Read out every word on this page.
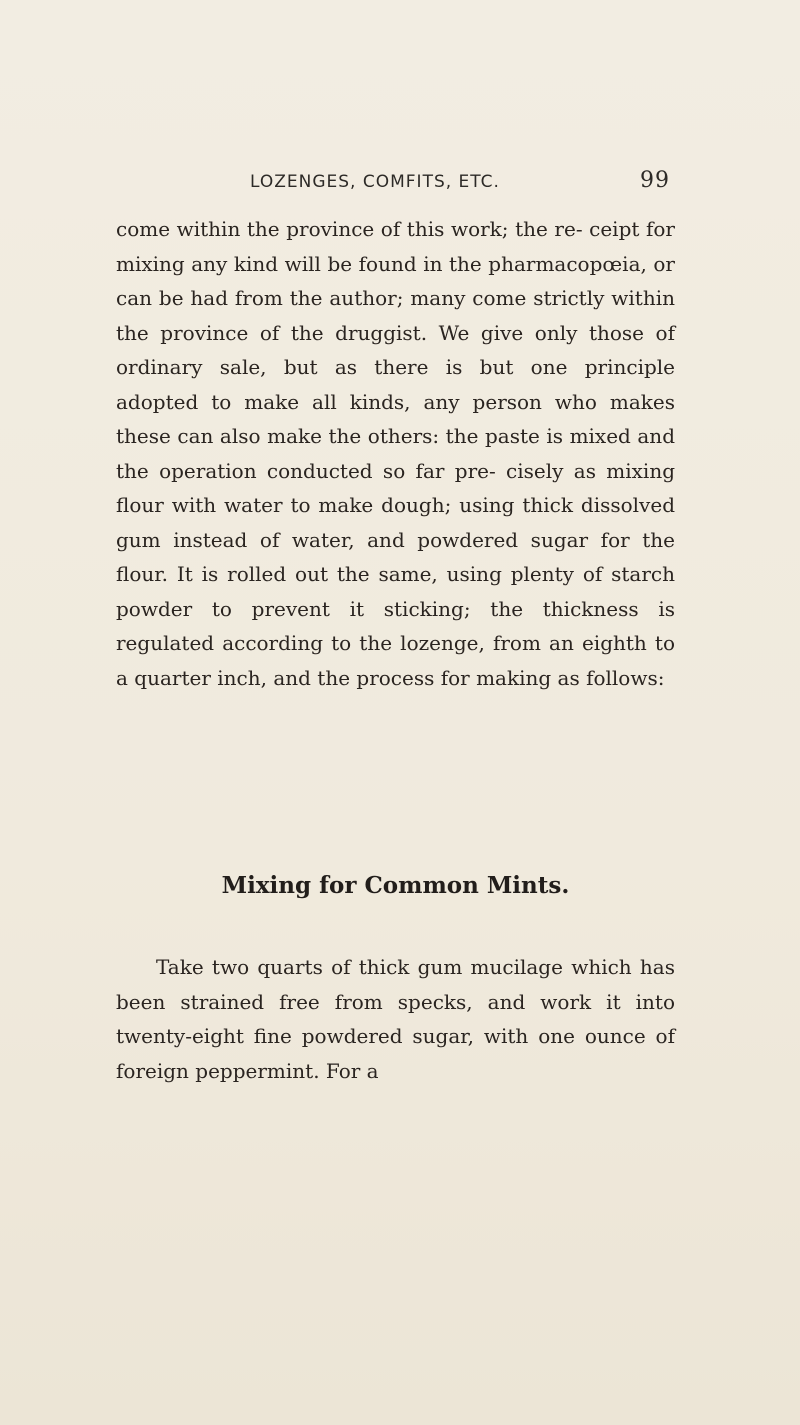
LOZENGES, COMFITS, ETC.	99

come within the province of this work; the re- ceipt for mixing any kind will be found in the pharmacopœia, or can be had from the author; many come strictly within the province of the druggist. We give only those of ordinary sale, but as there is but one principle adopted to make all kinds, any person who makes these can also make the others: the paste is mixed and the operation conducted so far pre- cisely as mixing flour with water to make dough; using thick dissolved gum instead of water, and powdered sugar for the flour. It is rolled out the same, using plenty of starch powder to prevent it sticking; the thickness is regulated according to the lozenge, from an eighth to a quarter inch, and the process for making as follows:

Mixing for Common Mints.

Take two quarts of thick gum mucilage which has been strained free from specks, and work it into twenty-eight fine powdered sugar, with one ounce of foreign peppermint. For a
